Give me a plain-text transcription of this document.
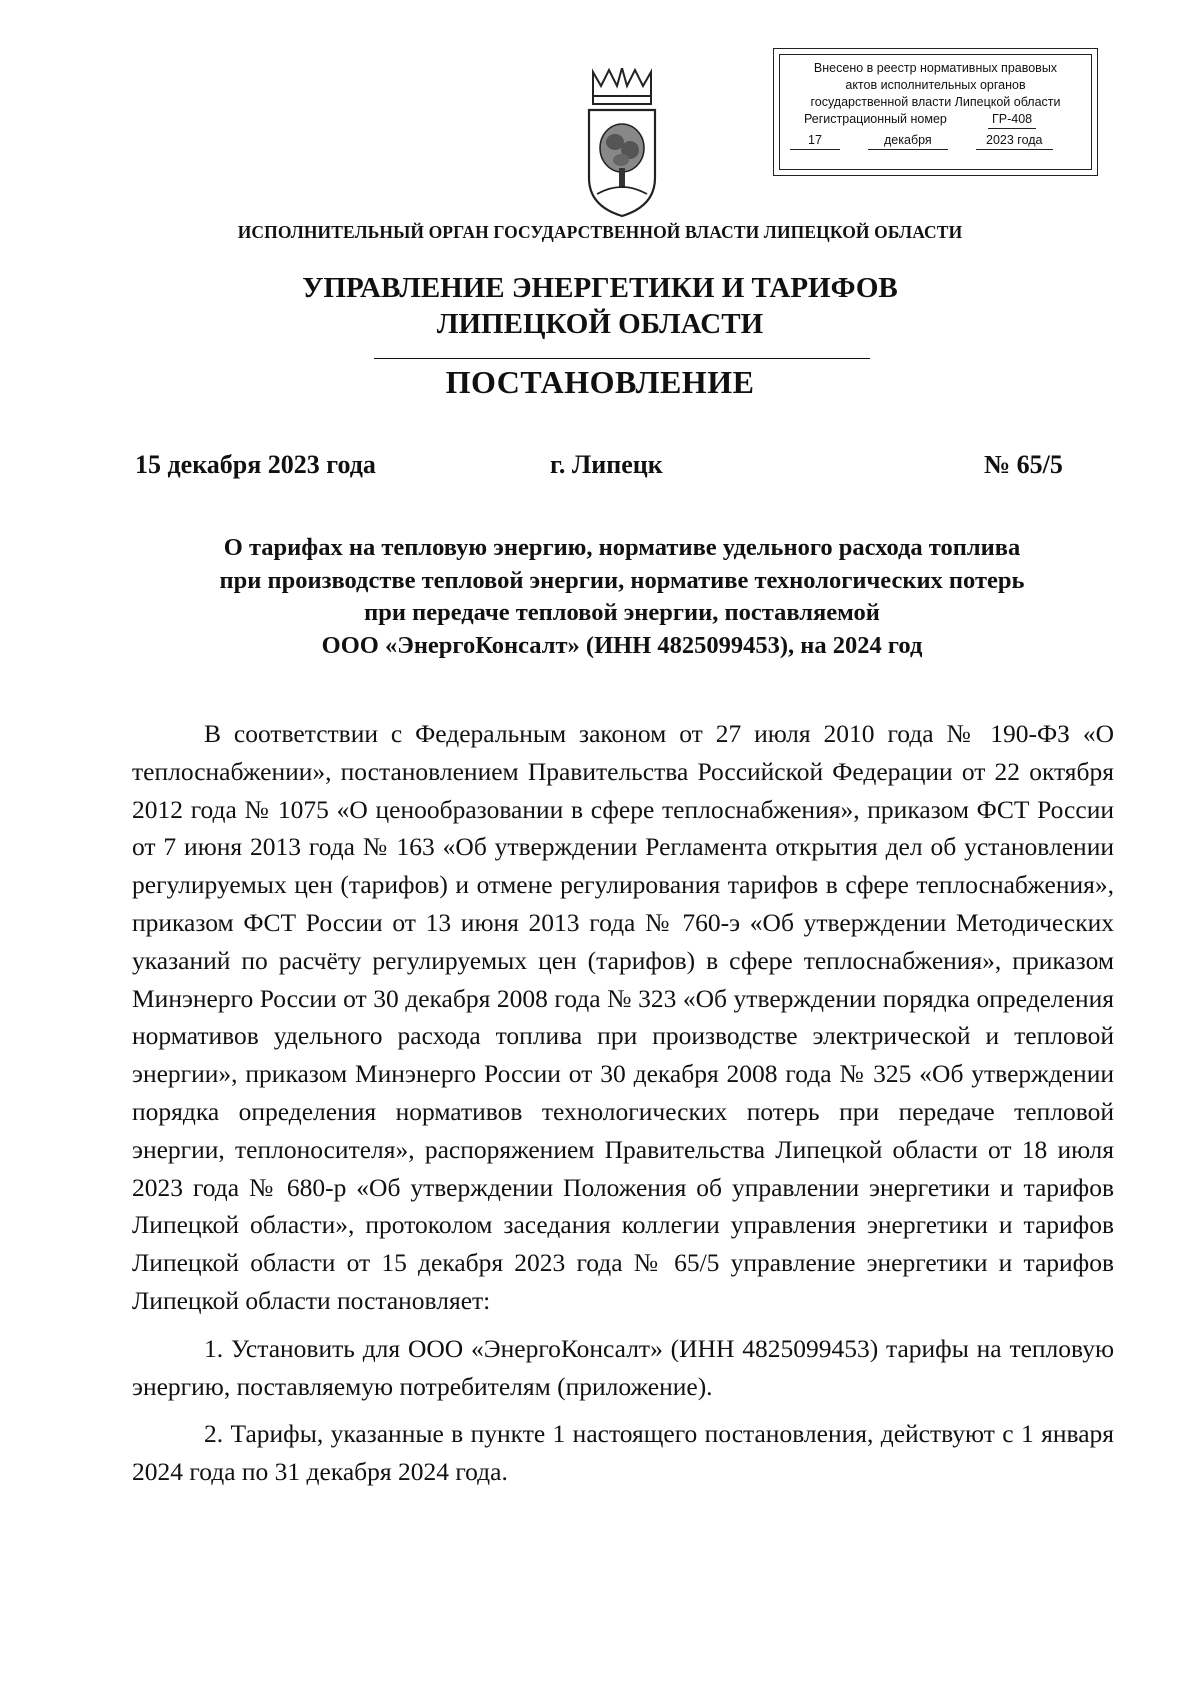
Внесено в реестр нормативных правовых
актов исполнительных органов
государственной власти Липецкой области
Регистрационный номер	ГР-408
17	декабря	2023 года
ИСПОЛНИТЕЛЬНЫЙ ОРГАН ГОСУДАРСТВЕННОЙ ВЛАСТИ ЛИПЕЦКОЙ ОБЛАСТИ
УПРАВЛЕНИЕ ЭНЕРГЕТИКИ И ТАРИФОВ
ЛИПЕЦКОЙ ОБЛАСТИ
ПОСТАНОВЛЕНИЕ
15 декабря 2023 года	г. Липецк	№ 65/5
О тарифах на тепловую энергию, нормативе удельного расхода топлива
при производстве тепловой энергии, нормативе технологических потерь
при передаче тепловой энергии, поставляемой
ООО «ЭнергоКонсалт» (ИНН 4825099453), на 2024 год

В соответствии с Федеральным законом от 27 июля 2010 года № 190-ФЗ «О теплоснабжении», постановлением Правительства Российской Федерации от 22 октября 2012 года № 1075 «О ценообразовании в сфере теплоснабжения», приказом ФСТ России от 7 июня 2013 года № 163 «Об утверждении Регламента открытия дел об установлении регулируемых цен (тарифов) и отмене регулирования тарифов в сфере теплоснабжения», приказом ФСТ России от 13 июня 2013 года № 760-э «Об утверждении Методических указаний по расчёту регулируемых цен (тарифов) в сфере теплоснабжения», приказом Минэнерго России от 30 декабря 2008 года № 323 «Об утверждении порядка определения нормативов удельного расхода топлива при производстве электрической и тепловой энергии», приказом Минэнерго России от 30 декабря 2008 года № 325 «Об утверждении порядка определения нормативов технологических потерь при передаче тепловой энергии, теплоносителя», распоряжением Правительства Липецкой области от 18 июля 2023 года № 680-р «Об утверждении Положения об управлении энергетики и тарифов Липецкой области», протоколом заседания коллегии управления энергетики и тарифов Липецкой области от 15 декабря 2023 года № 65/5 управление энергетики и тарифов Липецкой области постановляет:

1. Установить для ООО «ЭнергоКонсалт» (ИНН 4825099453) тарифы на тепловую энергию, поставляемую потребителям (приложение).

2. Тарифы, указанные в пункте 1 настоящего постановления, действуют с 1 января 2024 года по 31 декабря 2024 года.
